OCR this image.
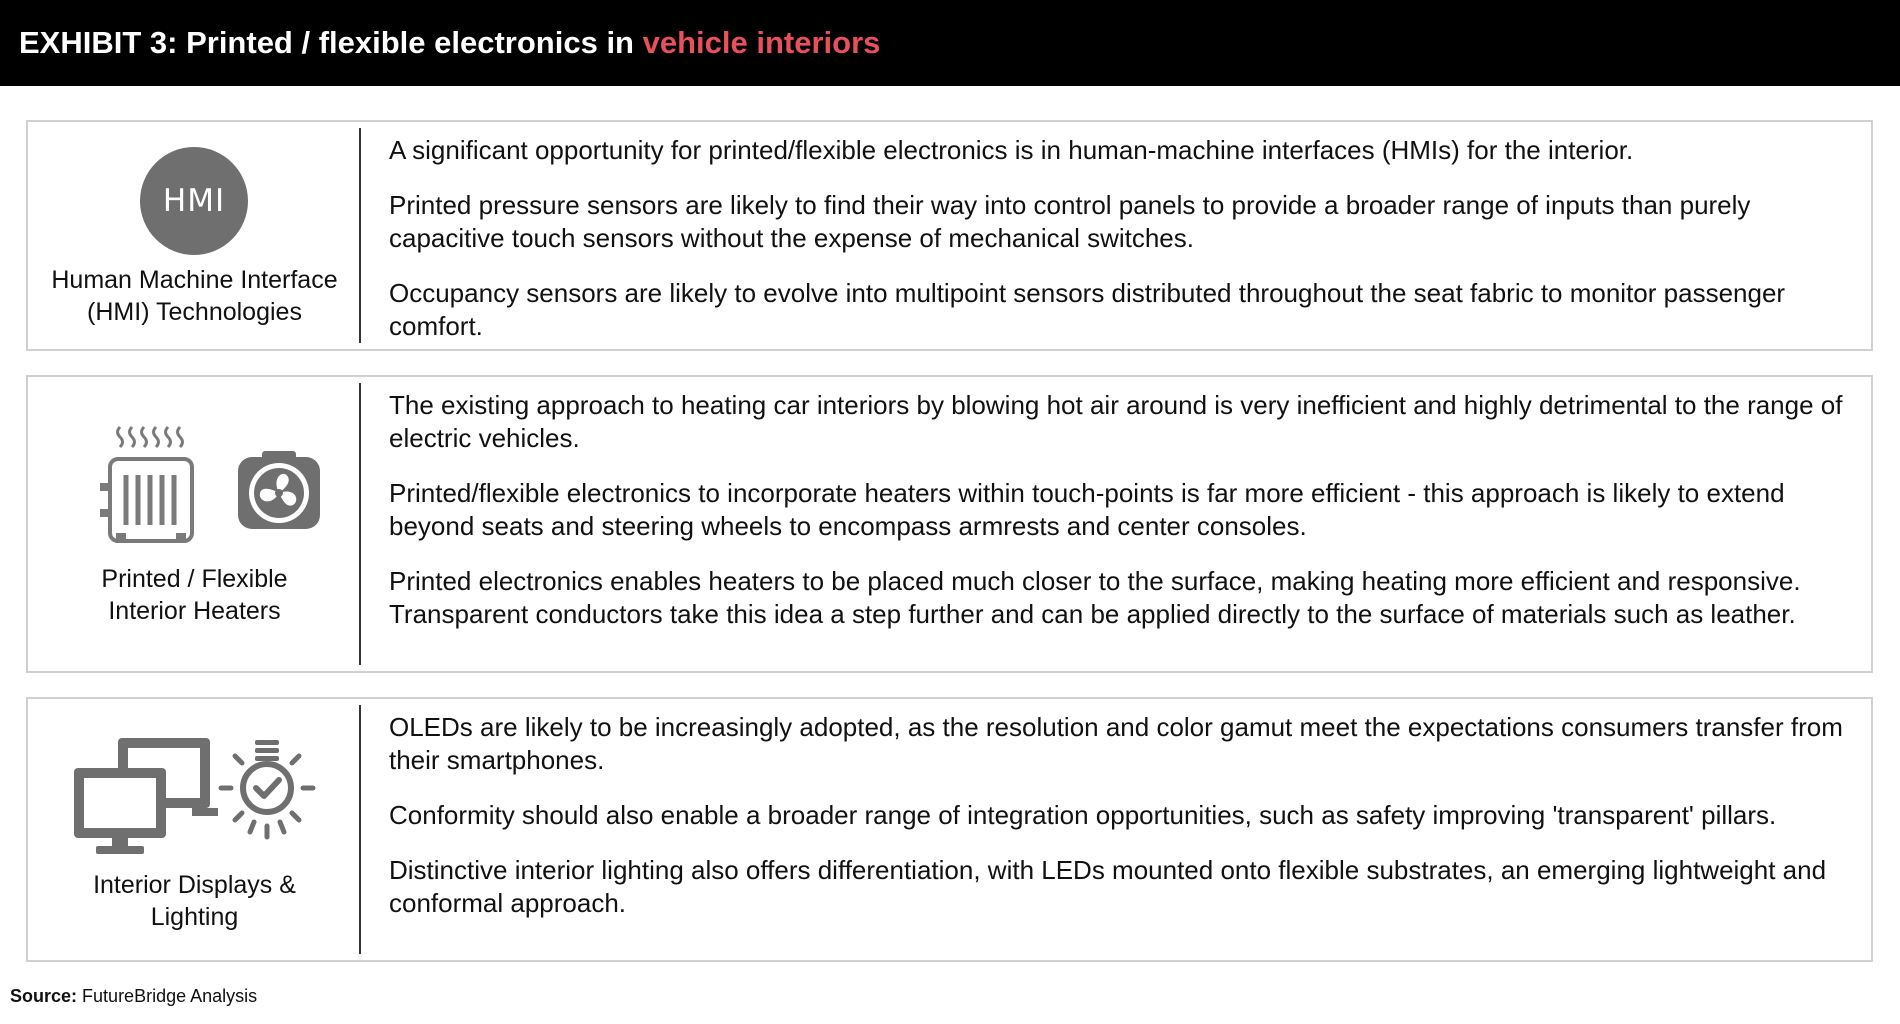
EXHIBIT 3: Printed / flexible electronics in vehicle interiors
HMI
Human Machine Interface
(HMI) Technologies

A significant opportunity for printed/flexible electronics is in human-machine interfaces (HMIs) for the interior.

Printed pressure sensors are likely to find their way into control panels to provide a broader range of inputs than purely capacitive touch sensors without the expense of mechanical switches.

Occupancy sensors are likely to evolve into multipoint sensors distributed throughout the seat fabric to monitor passenger comfort.

Printed / Flexible
Interior Heaters

The existing approach to heating car interiors by blowing hot air around is very inefficient and highly detrimental to the range of electric vehicles.

Printed/flexible electronics to incorporate heaters within touch-points is far more efficient - this approach is likely to extend beyond seats and steering wheels to encompass armrests and center consoles.

Printed electronics enables heaters to be placed much closer to the surface, making heating more efficient and responsive. Transparent conductors take this idea a step further and can be applied directly to the surface of materials such as leather.

Interior Displays &
Lighting

OLEDs are likely to be increasingly adopted, as the resolution and color gamut meet the expectations consumers transfer from their smartphones.

Conformity should also enable a broader range of integration opportunities, such as safety improving 'transparent' pillars.

Distinctive interior lighting also offers differentiation, with LEDs mounted onto flexible substrates, an emerging lightweight and conformal approach.

Source: FutureBridge Analysis
